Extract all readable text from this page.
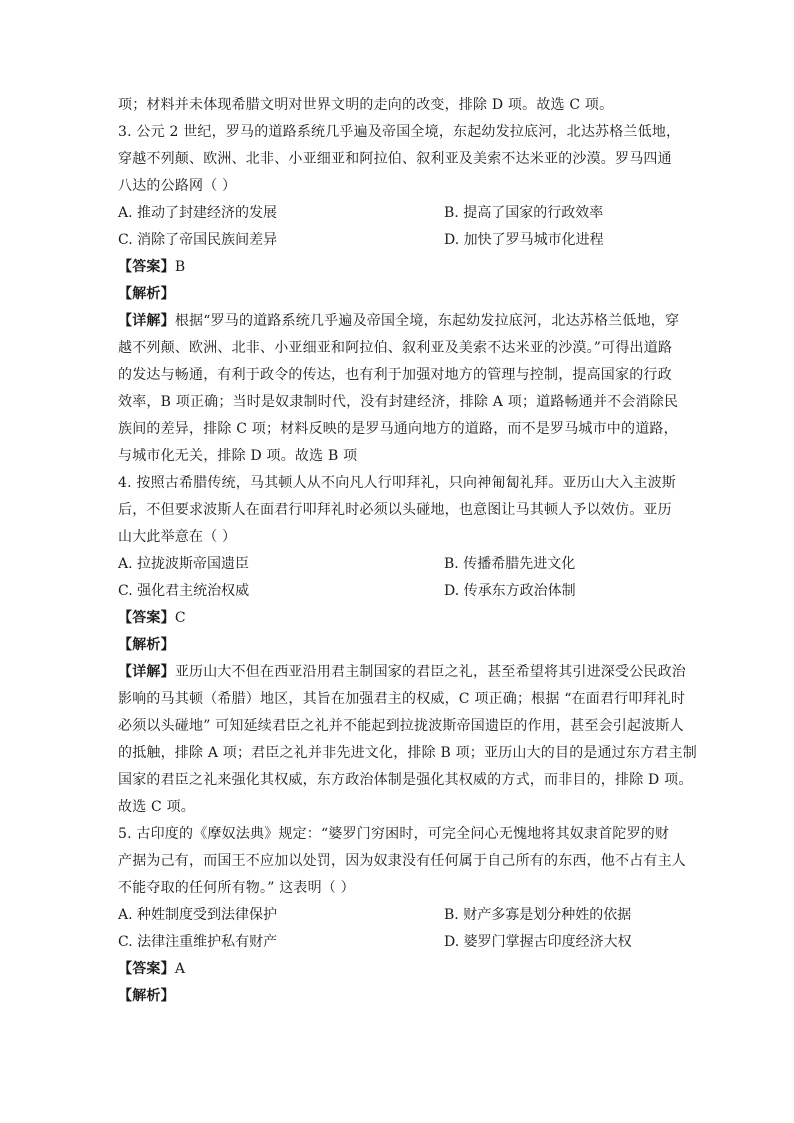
项；材料并未体现希腊文明对世界文明的走向的改变，排除 D 项。故选 C 项。
3. 公元 2 世纪，罗马的道路系统几乎遍及帝国全境，东起幼发拉底河，北达苏格兰低地，
穿越不列颠、欧洲、北非、小亚细亚和阿拉伯、叙利亚及美索不达米亚的沙漠。罗马四通
八达的公路网（ ）
A. 推动了封建经济的发展	B. 提高了国家的行政效率
C. 消除了帝国民族间差异	D. 加快了罗马城市化进程
【答案】B
【解析】
【详解】根据“罗马的道路系统几乎遍及帝国全境，东起幼发拉底河，北达苏格兰低地，穿
越不列颠、欧洲、北非、小亚细亚和阿拉伯、叙利亚及美索不达米亚的沙漠。”可得出道路
的发达与畅通，有利于政令的传达，也有利于加强对地方的管理与控制，提高国家的行政
效率，B 项正确；当时是奴隶制时代，没有封建经济，排除 A 项；道路畅通并不会消除民
族间的差异，排除 C 项；材料反映的是罗马通向地方的道路，而不是罗马城市中的道路，
与城市化无关，排除 D 项。故选 B 项
4. 按照古希腊传统，马其顿人从不向凡人行叩拜礼，只向神匍匐礼拜。亚历山大入主波斯
后，不但要求波斯人在面君行叩拜礼时必须以头碰地，也意图让马其顿人予以效仿。亚历
山大此举意在（ ）
A. 拉拢波斯帝国遗臣	B. 传播希腊先进文化
C. 强化君主统治权威	D. 传承东方政治体制
【答案】C
【解析】
【详解】亚历山大不但在西亚沿用君主制国家的君臣之礼，甚至希望将其引进深受公民政治
影响的马其顿（希腊）地区，其旨在加强君主的权威，C 项正确；根据 “在面君行叩拜礼时
必须以头碰地” 可知延续君臣之礼并不能起到拉拢波斯帝国遗臣的作用，甚至会引起波斯人
的抵触，排除 A 项；君臣之礼并非先进文化，排除 B 项；亚历山大的目的是通过东方君主制
国家的君臣之礼来强化其权威，东方政治体制是强化其权威的方式，而非目的，排除 D 项。
故选 C 项。
5. 古印度的《摩奴法典》规定：“婆罗门穷困时，可完全问心无愧地将其奴隶首陀罗的财
产据为己有，而国王不应加以处罚，因为奴隶没有任何属于自己所有的东西，他不占有主人
不能夺取的任何所有物。” 这表明（ ）
A. 种姓制度受到法律保护	B. 财产多寡是划分种姓的依据
C. 法律注重维护私有财产	D. 婆罗门掌握古印度经济大权
【答案】A
【解析】
